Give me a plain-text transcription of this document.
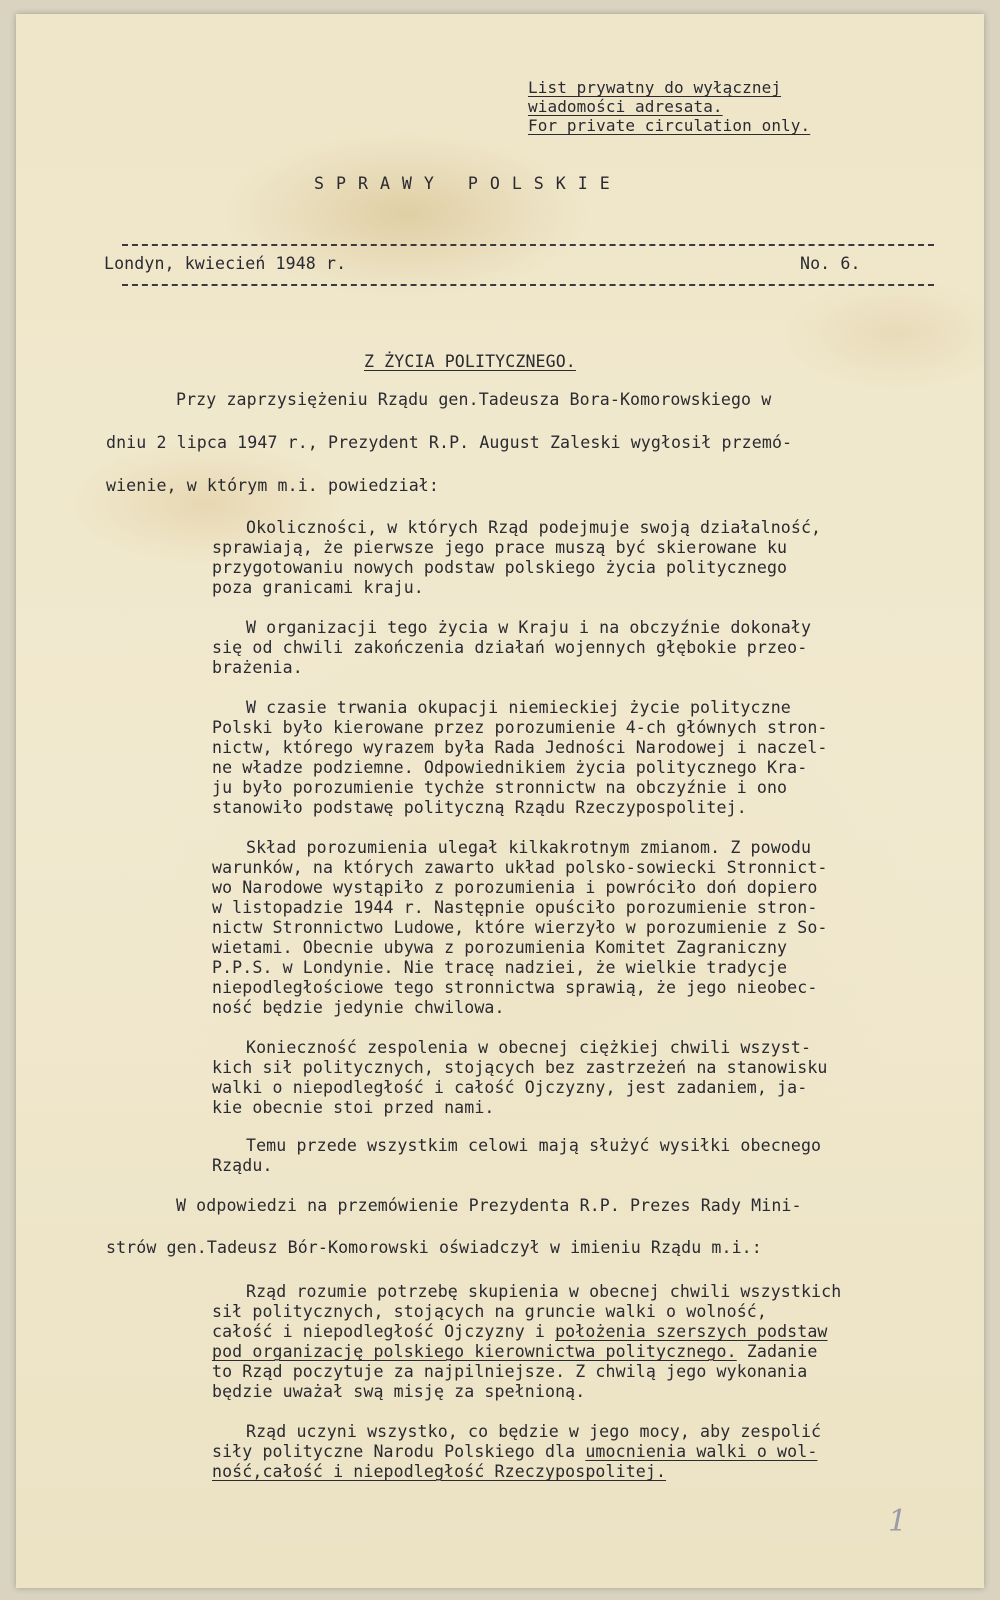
List prywatny do wyłącznej
wiadomości adresata.
For private circulation only.
S P R A W Y   P O L S K I E
Londyn, kwiecień 1948 r.	No. 6.
Z ŻYCIA POLITYCZNEGO.
Przy zaprzysiężeniu Rządu gen.Tadeusza Bora-Komorowskiego w
dniu 2 lipca 1947 r., Prezydent R.P. August Zaleski wygłosił przemó-
wienie, w którym m.i. powiedział:
Okoliczności, w których Rząd podejmuje swoją działalność,
sprawiają, że pierwsze jego prace muszą być skierowane ku
przygotowaniu nowych podstaw polskiego życia politycznego
poza granicami kraju.
W organizacji tego życia w Kraju i na obczyźnie dokonały
się od chwili zakończenia działań wojennych głębokie przeo-
brażenia.
W czasie trwania okupacji niemieckiej życie polityczne
Polski było kierowane przez porozumienie 4-ch głównych stron-
nictw, którego wyrazem była Rada Jedności Narodowej i naczel-
ne władze podziemne. Odpowiednikiem życia politycznego Kra-
ju było porozumienie tychże stronnictw na obczyźnie i ono
stanowiło podstawę polityczną Rządu Rzeczypospolitej.
Skład porozumienia ulegał kilkakrotnym zmianom. Z powodu
warunków, na których zawarto układ polsko-sowiecki Stronnict-
wo Narodowe wystąpiło z porozumienia i powróciło doń dopiero
w listopadzie 1944 r. Następnie opuściło porozumienie stron-
nictw Stronnictwo Ludowe, które wierzyło w porozumienie z So-
wietami. Obecnie ubywa z porozumienia Komitet Zagraniczny
P.P.S. w Londynie. Nie tracę nadziei, że wielkie tradycje
niepodległościowe tego stronnictwa sprawią, że jego nieobec-
ność będzie jedynie chwilowa.
Konieczność zespolenia w obecnej ciężkiej chwili wszyst-
kich sił politycznych, stojących bez zastrzeżeń na stanowisku
walki o niepodległość i całość Ojczyzny, jest zadaniem, ja-
kie obecnie stoi przed nami.
Temu przede wszystkim celowi mają służyć wysiłki obecnego
Rządu.
W odpowiedzi na przemówienie Prezydenta R.P. Prezes Rady Mini-
strów gen.Tadeusz Bór-Komorowski oświadczył w imieniu Rządu m.i.:
Rząd rozumie potrzebę skupienia w obecnej chwili wszystkich
sił politycznych, stojących na gruncie walki o wolność,
całość i niepodległość Ojczyzny i położenia szerszych podstaw
pod organizację polskiego kierownictwa politycznego. Zadanie
to Rząd poczytuje za najpilniejsze. Z chwilą jego wykonania
będzie uważał swą misję za spełnioną.
Rząd uczyni wszystko, co będzie w jego mocy, aby zespolić
siły polityczne Narodu Polskiego dla umocnienia walki o wol-
ność,całość i niepodległość Rzeczypospolitej.
1
